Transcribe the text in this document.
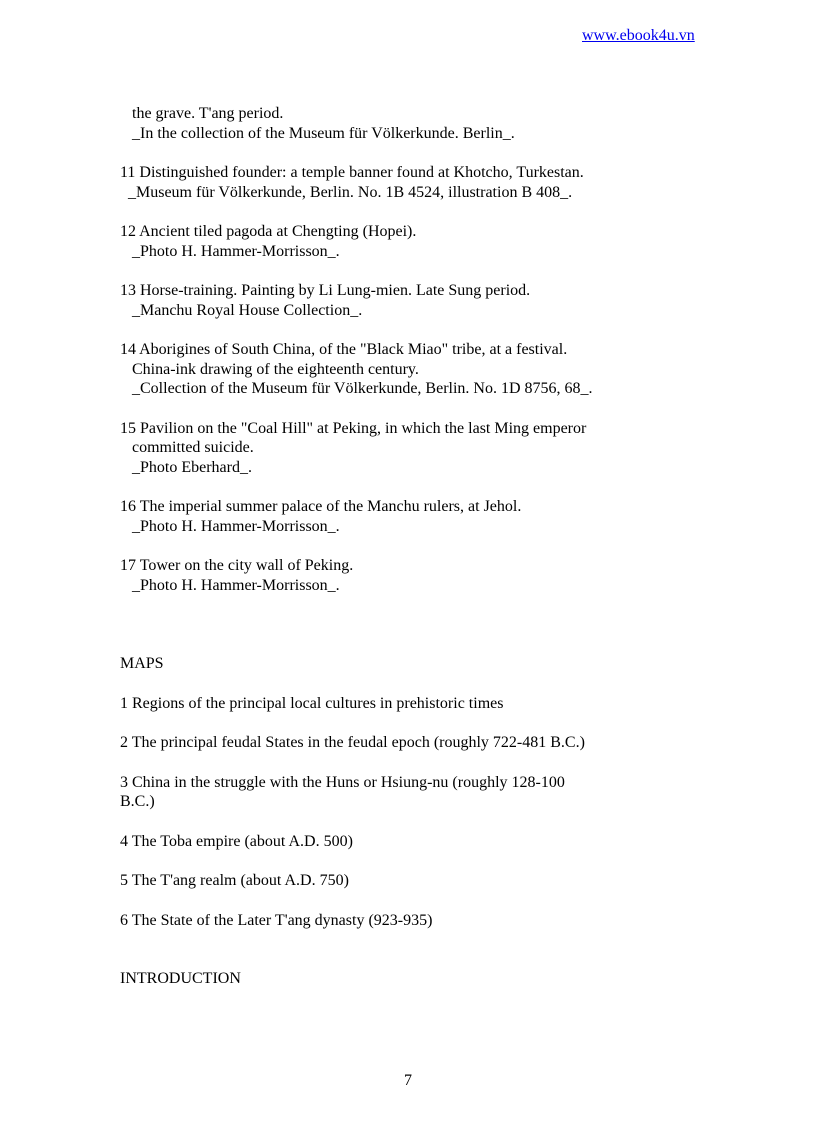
www.ebook4u.vn
the grave. T'ang period.
_In the collection of the Museum für Völkerkunde. Berlin_.
11 Distinguished founder: a temple banner found at Khotcho, Turkestan.
_Museum für Völkerkunde, Berlin. No. 1B 4524, illustration B 408_.
12 Ancient tiled pagoda at Chengting (Hopei).
_Photo H. Hammer-Morrisson_.
13 Horse-training. Painting by Li Lung-mien. Late Sung period.
_Manchu Royal House Collection_.
14 Aborigines of South China, of the "Black Miao" tribe, at a festival.
China-ink drawing of the eighteenth century.
_Collection of the Museum für Völkerkunde, Berlin. No. 1D 8756, 68_.
15 Pavilion on the "Coal Hill" at Peking, in which the last Ming emperor
committed suicide.
_Photo Eberhard_.
16 The imperial summer palace of the Manchu rulers, at Jehol.
_Photo H. Hammer-Morrisson_.
17 Tower on the city wall of Peking.
_Photo H. Hammer-Morrisson_.
MAPS
1 Regions of the principal local cultures in prehistoric times
2 The principal feudal States in the feudal epoch (roughly 722-481 B.C.)
3 China in the struggle with the Huns or Hsiung-nu (roughly 128-100
B.C.)
4 The Toba empire (about A.D. 500)
5 The T'ang realm (about A.D. 750)
6 The State of the Later T'ang dynasty (923-935)
INTRODUCTION
7
